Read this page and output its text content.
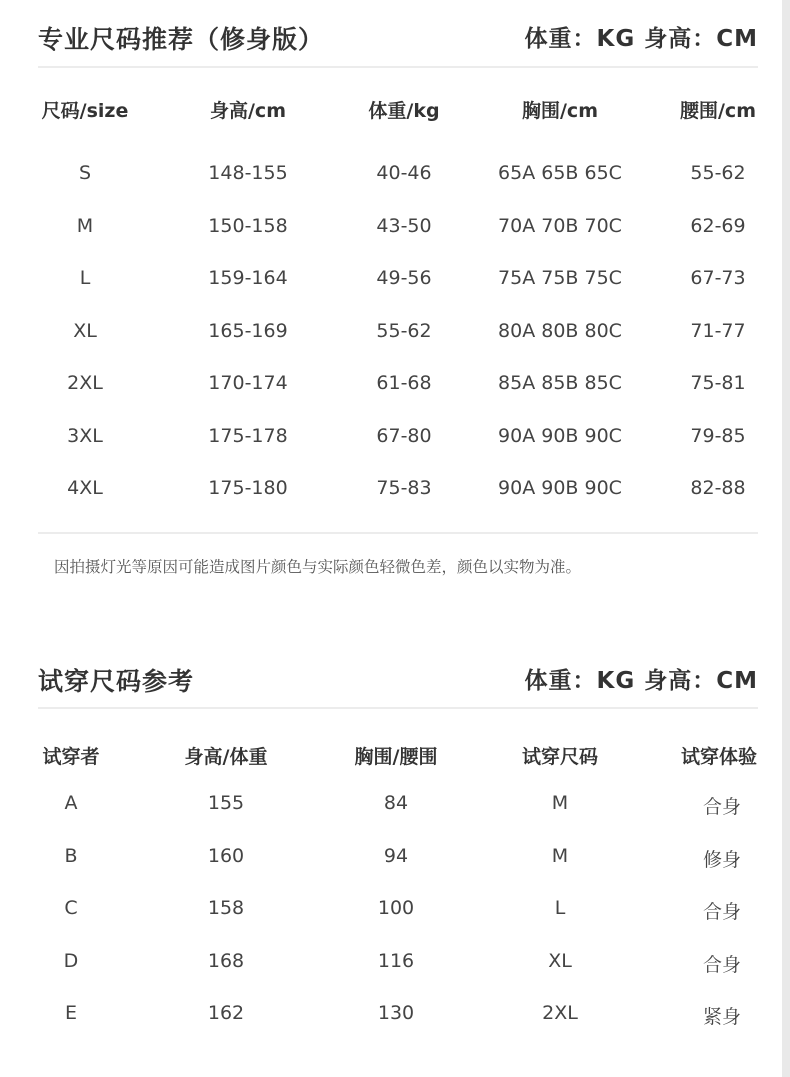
专业尺码推荐（修身版）	体重：KG 身高：CM
尺码/size	身高/cm	体重/kg	胸围/cm	腰围/cm
S	148-155	40-46	65A 65B 65C	55-62
M	150-158	43-50	70A 70B 70C	62-69
L	159-164	49-56	75A 75B 75C	67-73
XL	165-169	55-62	80A 80B 80C	71-77
2XL	170-174	61-68	85A 85B 85C	75-81
3XL	175-178	67-80	90A 90B 90C	79-85
4XL	175-180	75-83	90A 90B 90C	82-88
因拍摄灯光等原因可能造成图片颜色与实际颜色轻微色差，颜色以实物为准。
试穿尺码参考	体重：KG 身高：CM
试穿者	身高/体重	胸围/腰围	试穿尺码	试穿体验
A	155	84	M	合身
B	160	94	M	修身
C	158	100	L	合身
D	168	116	XL	合身
E	162	130	2XL	紧身
